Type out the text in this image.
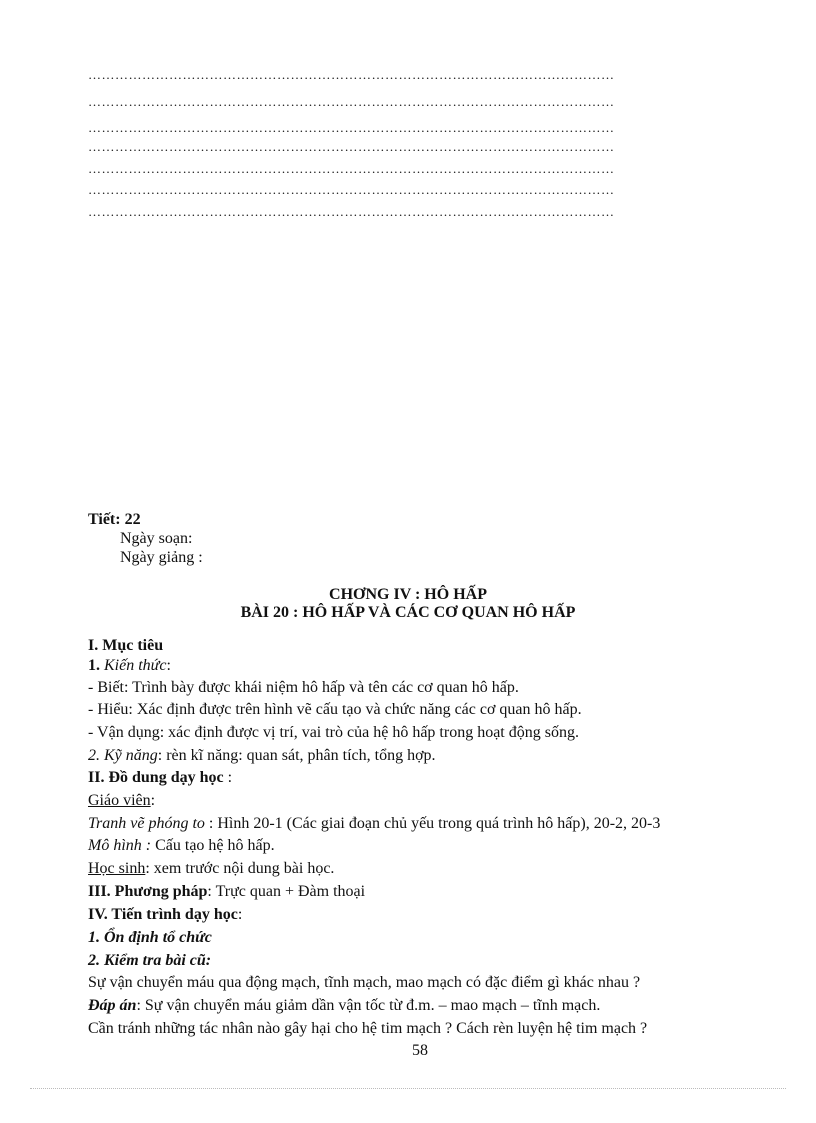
………………………………………………………………………………………………………
………………………………………………………………………………………………………
………………………………………………………………………………………………………
………………………………………………………………………………………………………
………………………………………………………………………………………………………
………………………………………………………………………………………………………
………………………………………………………………………………………………………
Tiết: 22
Ngày soạn:
Ngày giảng :
CHƠNG IV : HÔ HẤP
BÀI 20 : HÔ HẤP VÀ CÁC CƠ QUAN HÔ HẤP
I. Mục tiêu
1. Kiến thức:
- Biết: Trình bày được khái niệm hô hấp và tên các cơ quan hô hấp.
- Hiểu: Xác định được trên hình vẽ cấu tạo và chức năng các cơ quan hô hấp.
- Vận dụng: xác định được vị trí, vai trò của hệ hô hấp trong hoạt động sống.
2. Kỹ năng: rèn kĩ năng: quan sát, phân tích, tổng hợp.
II. Đồ dung dạy học :
Giáo viên:
Tranh vẽ phóng to : Hình 20-1 (Các giai đoạn chủ yếu trong quá trình hô hấp), 20-2, 20-3
Mô hình : Cấu tạo hệ hô hấp.
Học sinh: xem trước nội dung bài học.
III. Phương pháp: Trực quan + Đàm thoại
IV. Tiến trình dạy học:
1. Ổn định tổ chức
2. Kiểm tra bài cũ:
Sự vận chuyển máu qua động mạch, tĩnh mạch, mao mạch có đặc điểm gì khác nhau ?
Đáp án: Sự vận chuyển máu giảm dần vận tốc từ đ.m. – mao mạch – tĩnh mạch.
Cần tránh những tác nhân nào gây hại cho hệ tim mạch ? Cách rèn luyện hệ tim mạch ?
58
